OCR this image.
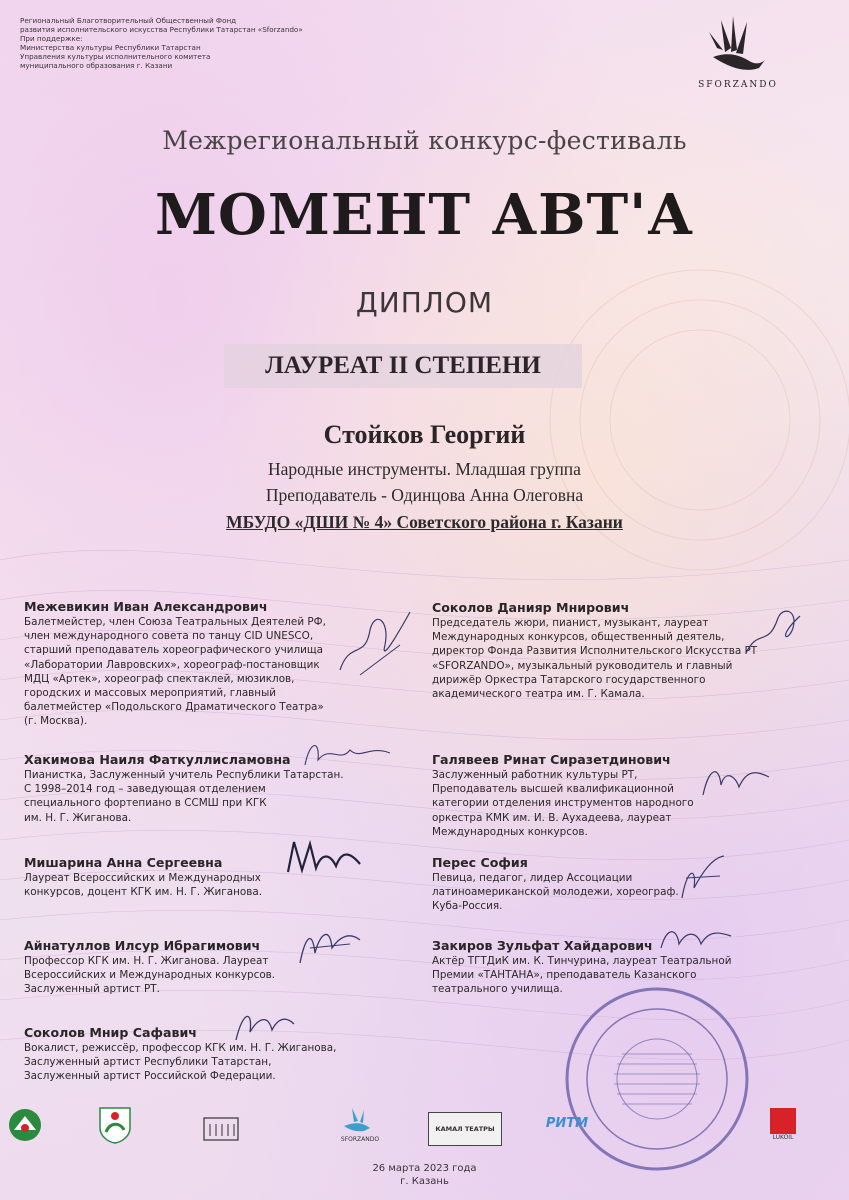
Региональный Благотворительный Общественный Фонд
развития исполнительского искусства Республики Татарстан «Sforzando»
При поддержке:
Министерства культуры Республики Татарстан
Управления культуры исполнительного комитета
муниципального образования г. Казани
SFORZANDO
Межрегиональный конкурс-фестиваль
МОМЕНТ АВТ'А
ДИПЛОМ
ЛАУРЕАТ II СТЕПЕНИ
Стойков Георгий
Народные инструменты. Младшая группа
Преподаватель - Одинцова Анна Олеговна
МБУДО «ДШИ № 4» Советского района г. Казани
Межевикин Иван Александрович
Балетмейстер, член Союза Театральных Деятелей РФ,
член международного совета по танцу CID UNESCO,
старший преподаватель хореографического училища
«Лаборатории Лавровских», хореограф-постановщик
МДЦ «Артек», хореограф спектаклей, мюзиклов,
городских и массовых мероприятий, главный
балетмейстер «Подольского Драматического Театра»
(г. Москва).
Хакимова Наиля Фаткуллисламовна
Пианистка, Заслуженный учитель Республики Татарстан.
С 1998–2014 год – заведующая отделением
специального фортепиано в ССМШ при КГК
им. Н. Г. Жиганова.
Мишарина Анна Сергеевна
Лауреат Всероссийских и Международных
конкурсов, доцент КГК им. Н. Г. Жиганова.
Айнатуллов Илсур Ибрагимович
Профессор КГК им. Н. Г. Жиганова. Лауреат
Всероссийских и Международных конкурсов.
Заслуженный артист РТ.
Соколов Мнир Сафавич
Вокалист, режиссёр, профессор КГК им. Н. Г. Жиганова,
Заслуженный артист Республики Татарстан,
Заслуженный артист Российской Федерации.
Соколов Данияр Мнирович
Председатель жюри, пианист, музыкант, лауреат
Международных конкурсов, общественный деятель,
директор Фонда Развития Исполнительского Искусства РТ
«SFORZANDO», музыкальный руководитель и главный
дирижёр Оркестра Татарского государственного
академического театра им. Г. Камала.
Галявеев Ринат Сиразетдинович
Заслуженный работник культуры РТ,
Преподаватель высшей квалификационной
категории отделения инструментов народного
оркестра КМК им. И. В. Аухадеева, лауреат
Международных конкурсов.
Перес София
Певица, педагог, лидер Ассоциации
латиноамериканской молодежи, хореограф.
Куба-Россия.
Закиров Зульфат Хайдарович
Актёр ТГТДиК им. К. Тинчурина, лауреат Театральной
Премии «ТАНТАНА», преподаватель Казанского
театрального училища.
SFORZANDO
КАМАЛ ТЕАТРЫ	РИТМ
LUKOIL
26 марта 2023 года
г. Казань
